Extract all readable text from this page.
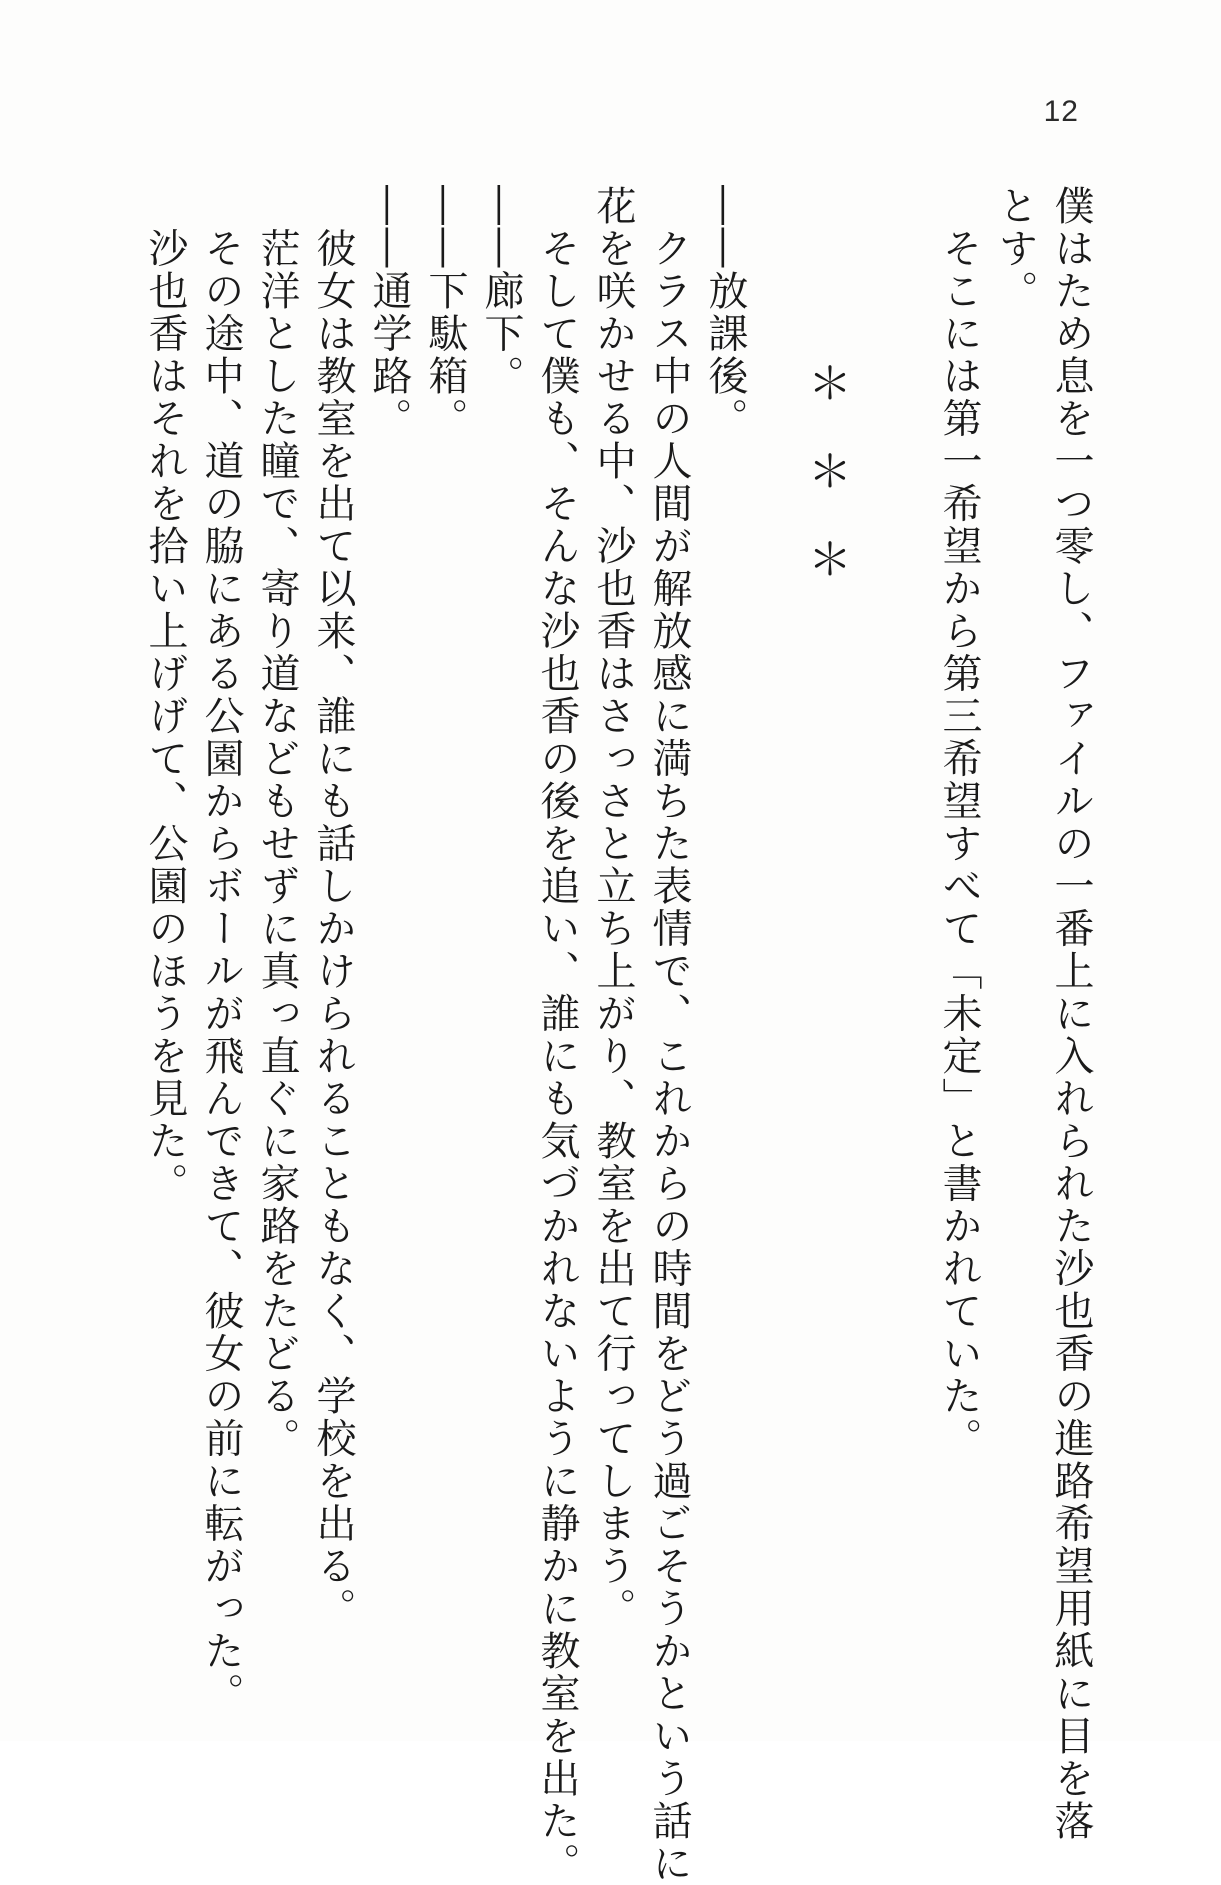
12
僕はため息を一つ零し、ファイルの一番上に入れられた沙也香の進路希望用紙に目を落
とす。
　そこには第一希望から第三希望すべて「未定」と書かれていた。
＊＊＊
――放課後。
　クラス中の人間が解放感に満ちた表情で、これからの時間をどう過ごそうかという話に
花を咲かせる中、沙也香はさっさと立ち上がり、教室を出て行ってしまう。
　そして僕も、そんな沙也香の後を追い、誰にも気づかれないように静かに教室を出た。
――廊下。
――下駄箱。
――通学路。
　彼女は教室を出て以来、誰にも話しかけられることもなく、学校を出る。
　茫洋とした瞳で、寄り道などもせずに真っ直ぐに家路をたどる。
　その途中、道の脇にある公園からボールが飛んできて、彼女の前に転がった。
　沙也香はそれを拾い上げげて、公園のほうを見た。
